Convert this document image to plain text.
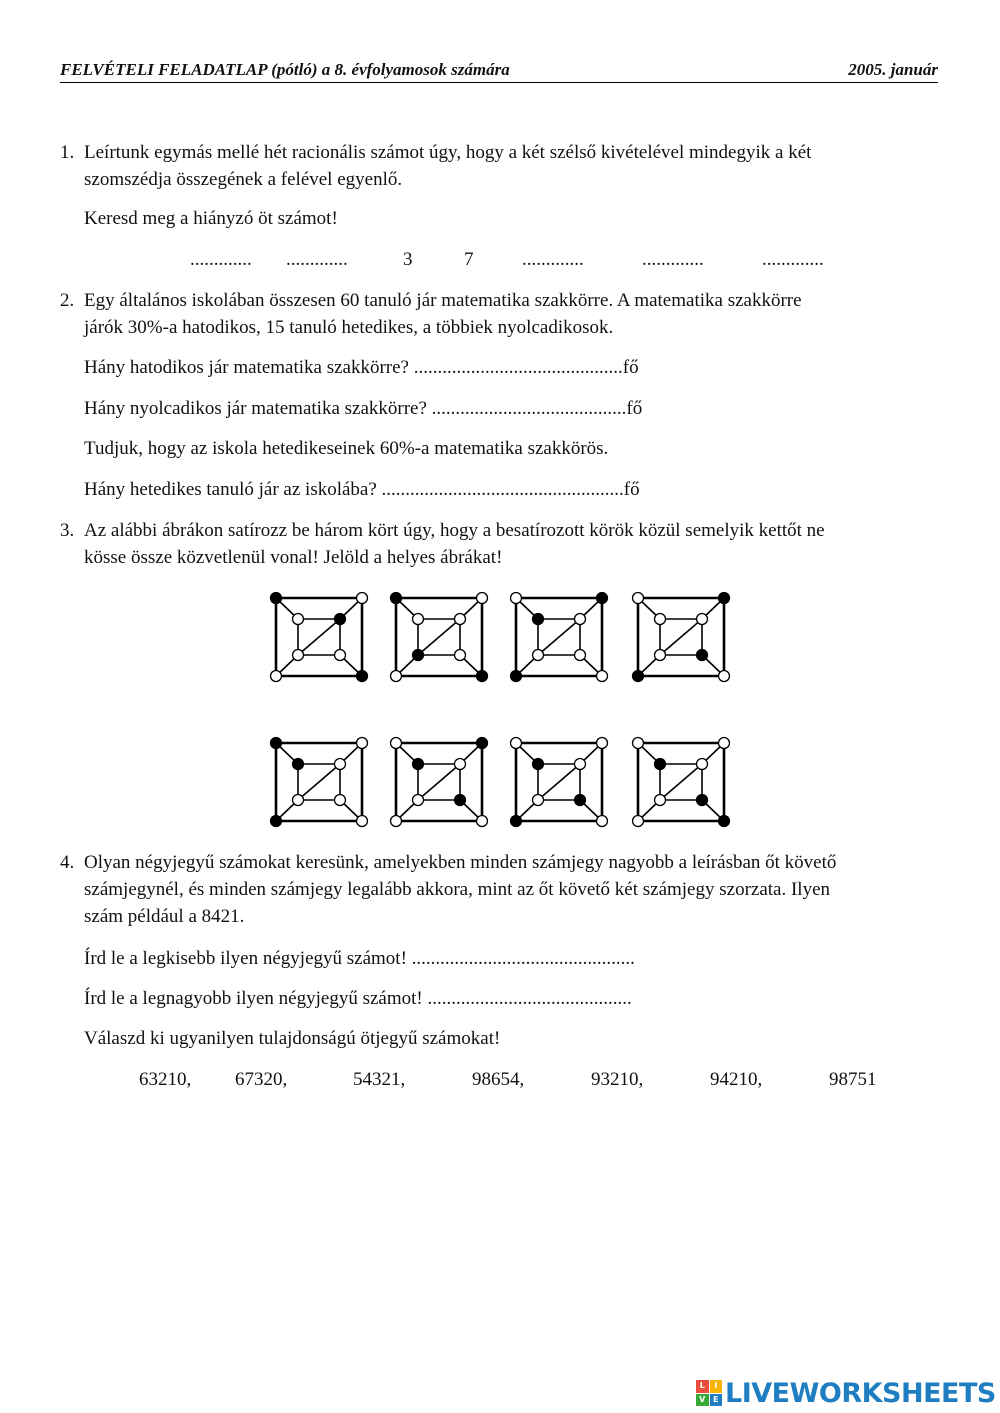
FELVÉTELI FELADATLAP (pótló) a 8. évfolyamosok számára	2005. január
1. Leírtunk egymás mellé hét racionális számot úgy, hogy a két szélső kivételével mindegyik a két
szomszédja összegének a felével egyenlő.
Keresd meg a hiányzó öt számot!
............. .............	3	7	.............	.............	.............
2. Egy általános iskolában összesen 60 tanuló jár matematika szakkörre. A matematika szakkörre
járók 30%-a hatodikos, 15 tanuló hetedikes, a többiek nyolcadikosok.
Hány hatodikos jár matematika szakkörre? ............................................fő
Hány nyolcadikos jár matematika szakkörre? .........................................fő
Tudjuk, hogy az iskola hetedikeseinek 60%-a matematika szakkörös.
Hány hetedikes tanuló jár az iskolába? ...................................................fő
3. Az alábbi ábrákon satírozz be három kört úgy, hogy a besatírozott körök közül semelyik kettőt ne
kösse össze közvetlenül vonal! Jelöld a helyes ábrákat!
4. Olyan négyjegyű számokat keresünk, amelyekben minden számjegy nagyobb a leírásban őt követő
számjegynél, és minden számjegy legalább akkora, mint az őt követő két számjegy szorzata. Ilyen
szám például a 8421.
Írd le a legkisebb ilyen négyjegyű számot! ...............................................
Írd le a legnagyobb ilyen négyjegyű számot! ...........................................
Válaszd ki ugyanilyen tulajdonságú ötjegyű számokat!
63210, 67320,	54321,	98654,	93210,	94210,	98751
L	I
V E LIVEWORKSHEETS
